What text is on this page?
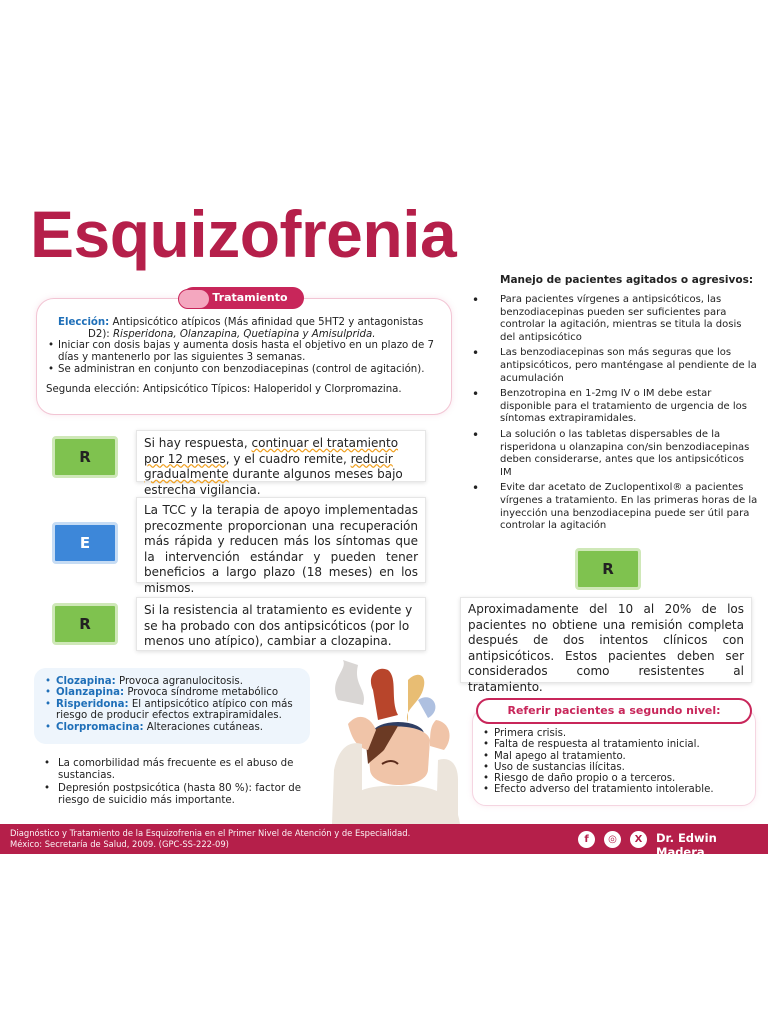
Esquizofrenia
Tratamiento
Elección: Antipsicótico atípicos (Más afinidad que 5HT2 y antagonistas
D2): Risperidona, Olanzapina, Quetiapina y Amisulprida.
• Iniciar con dosis bajas y aumenta dosis hasta el objetivo en un plazo de 7 días y mantenerlo por las siguientes 3 semanas.
• Se administran en conjunto con benzodiacepinas (control de agitación).
Segunda elección: Antipsicótico Típicos: Haloperidol y Clorpromazina.
R
Si hay respuesta, continuar el tratamiento por 12 meses, y el cuadro remite, reducir gradualmente durante algunos meses bajo estrecha vigilancia.
E
La TCC y la terapia de apoyo implementadas precozmente proporcionan una recuperación más rápida y reducen más los síntomas que la intervención estándar y pueden tener beneficios a largo plazo (18 meses) en los mismos.
R
Si la resistencia al tratamiento es evidente y se ha probado con dos antipsicóticos (por lo menos uno atípico), cambiar a clozapina.
• Clozapina: Provoca agranulocitosis.
• Olanzapina: Provoca síndrome metabólico
• Risperidona: El antipsicótico atípico con más riesgo de producir efectos extrapiramidales.
• Clorpromacina: Alteraciones cutáneas.
• La comorbilidad más frecuente es el abuso de sustancias.
• Depresión postpsicótica (hasta 80 %): factor de riesgo de suicidio más importante.
Manejo de pacientes agitados o agresivos:
• Para pacientes vírgenes a antipsicóticos, las benzodiacepinas pueden ser suficientes para controlar la agitación, mientras se titula la dosis del antipsicótico
• Las benzodiacepinas son más seguras que los antipsicóticos, pero manténgase al pendiente de la acumulación
• Benzotropina en 1-2mg IV o IM debe estar disponible para el tratamiento de urgencia de los síntomas extrapiramidales.
• La solución o las tabletas dispersables de la risperidona u olanzapina con/sin benzodiacepinas deben considerarse, antes que los antipsicóticos IM
• Evite dar acetato de Zuclopentixol® a pacientes vírgenes a tratamiento. En las primeras horas de la inyección una benzodiacepina puede ser útil para controlar la agitación
R
Aproximadamente del 10 al 20% de los pacientes no obtiene una remisión completa después de dos intentos clínicos con antipsicóticos. Estos pacientes deben ser considerados como resistentes al tratamiento.
Referir pacientes a segundo nivel:
• Primera crisis.
• Falta de respuesta al tratamiento inicial.
• Mal apego al tratamiento.
• Uso de sustancias ilícitas.
• Riesgo de daño propio o a terceros.
• Efecto adverso del tratamiento intolerable.
Diagnóstico y Tratamiento de la Esquizofrenia en el Primer Nivel de Atención y de Especialidad.
México: Secretaría de Salud, 2009. (GPC-SS-222-09)	f	◎	X	Dr. Edwin Madera
